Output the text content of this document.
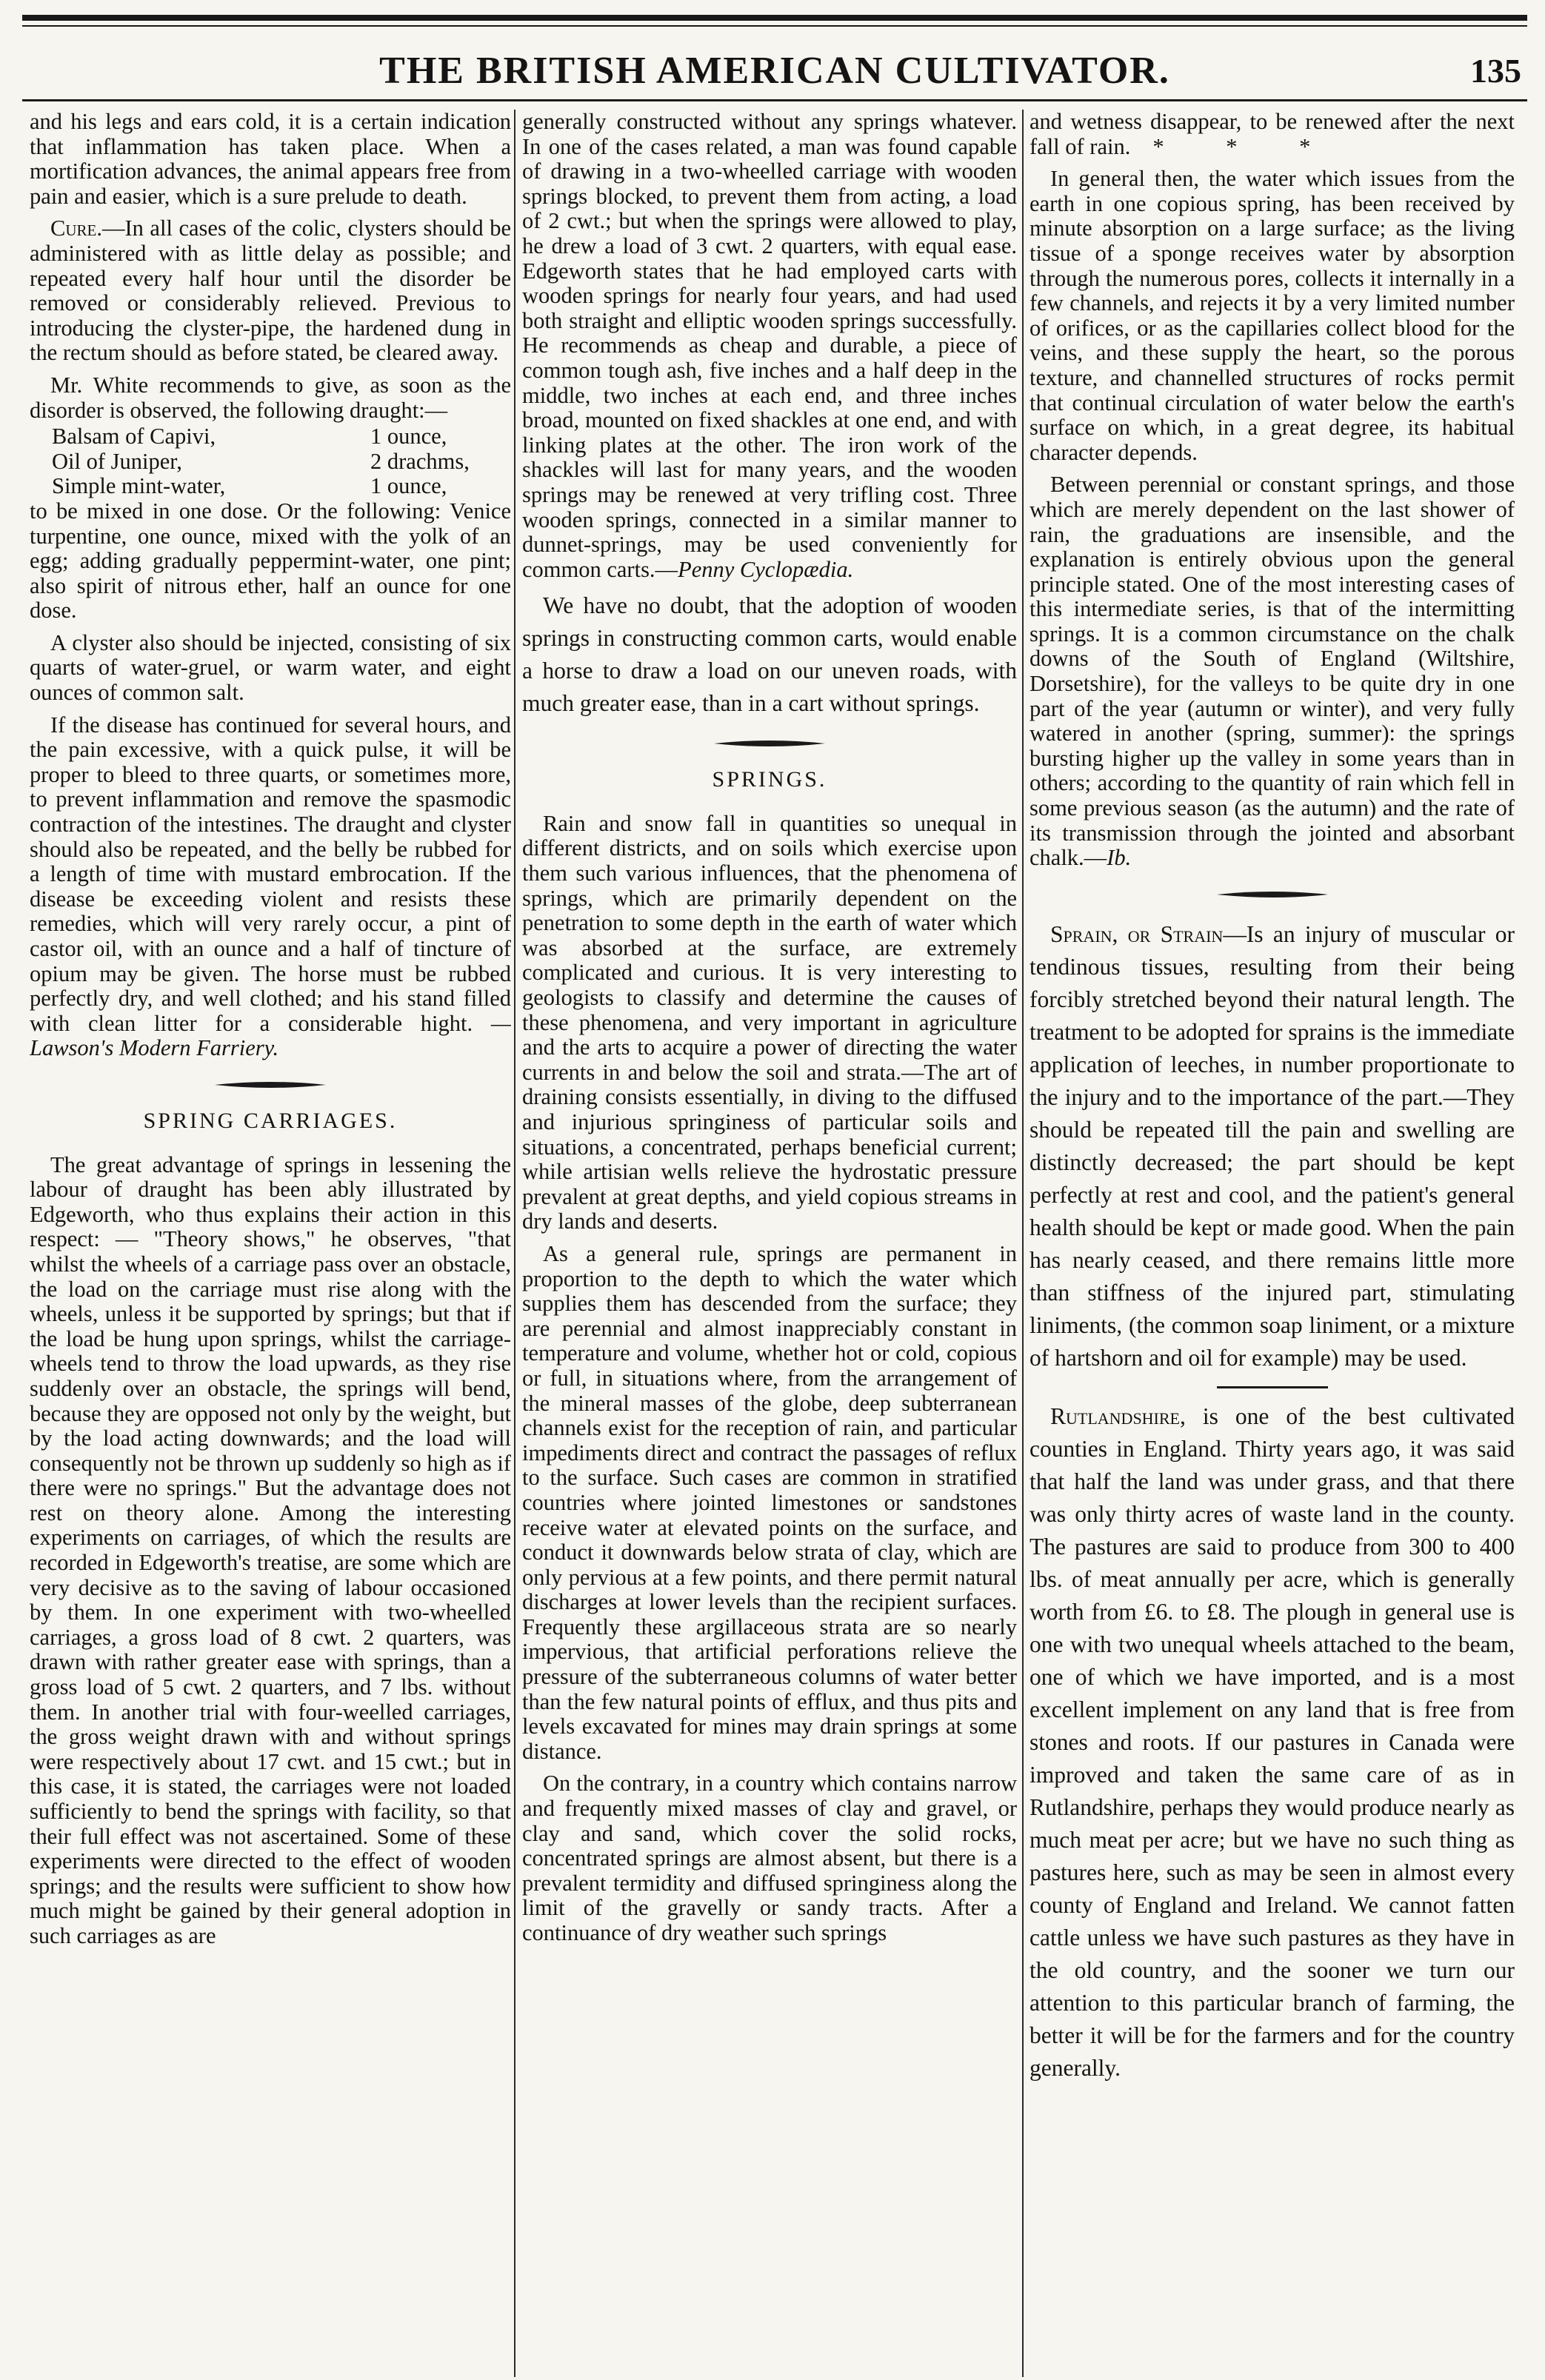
THE BRITISH AMERICAN CULTIVATOR.	135

and his legs and ears cold, it is a certain indication that inflammation has taken place. When a mortification advances, the animal appears free from pain and easier, which is a sure prelude to death.

Cure.—In all cases of the colic, clysters should be administered with as little delay as possible; and repeated every half hour until the disorder be removed or considerably relieved. Previous to introducing the clyster-pipe, the hardened dung in the rectum should as before stated, be cleared away.

Mr. White recommends to give, as soon as the disorder is observed, the following draught:—

Balsam of Capivi,	1 ounce,
Oil of Juniper,	2 drachms,
Simple mint-water,	1 ounce,

to be mixed in one dose. Or the following: Venice turpentine, one ounce, mixed with the yolk of an egg; adding gradually peppermint-water, one pint; also spirit of nitrous ether, half an ounce for one dose.

A clyster also should be injected, consisting of six quarts of water-gruel, or warm water, and eight ounces of common salt.

If the disease has continued for several hours, and the pain excessive, with a quick pulse, it will be proper to bleed to three quarts, or sometimes more, to prevent inflammation and remove the spasmodic contraction of the intestines. The draught and clyster should also be repeated, and the belly be rubbed for a length of time with mustard embrocation. If the disease be exceeding violent and resists these remedies, which will very rarely occur, a pint of castor oil, with an ounce and a half of tincture of opium may be given. The horse must be rubbed perfectly dry, and well clothed; and his stand filled with clean litter for a considerable hight. — Lawson's Modern Farriery.

SPRING CARRIAGES.

The great advantage of springs in lessening the labour of draught has been ably illustrated by Edgeworth, who thus explains their action in this respect: — "Theory shows," he observes, "that whilst the wheels of a carriage pass over an obstacle, the load on the carriage must rise along with the wheels, unless it be supported by springs; but that if the load be hung upon springs, whilst the carriage-wheels tend to throw the load upwards, as they rise suddenly over an obstacle, the springs will bend, because they are opposed not only by the weight, but by the load acting downwards; and the load will consequently not be thrown up suddenly so high as if there were no springs." But the advantage does not rest on theory alone. Among the interesting experiments on carriages, of which the results are recorded in Edgeworth's treatise, are some which are very decisive as to the saving of labour occasioned by them. In one experiment with two-wheelled carriages, a gross load of 8 cwt. 2 quarters, was drawn with rather greater ease with springs, than a gross load of 5 cwt. 2 quarters, and 7 lbs. without them. In another trial with four-weelled carriages, the gross weight drawn with and without springs were respectively about 17 cwt. and 15 cwt.; but in this case, it is stated, the carriages were not loaded sufficiently to bend the springs with facility, so that their full effect was not ascertained. Some of these experiments were directed to the effect of wooden springs; and the results were sufficient to show how much might be gained by their general adoption in such carriages as are

generally constructed without any springs whatever. In one of the cases related, a man was found capable of drawing in a two-wheelled carriage with wooden springs blocked, to prevent them from acting, a load of 2 cwt.; but when the springs were allowed to play, he drew a load of 3 cwt. 2 quarters, with equal ease. Edgeworth states that he had employed carts with wooden springs for nearly four years, and had used both straight and elliptic wooden springs successfully. He recommends as cheap and durable, a piece of common tough ash, five inches and a half deep in the middle, two inches at each end, and three inches broad, mounted on fixed shackles at one end, and with linking plates at the other. The iron work of the shackles will last for many years, and the wooden springs may be renewed at very trifling cost. Three wooden springs, connected in a similar manner to dunnet-springs, may be used conveniently for common carts.—Penny Cyclopædia.

We have no doubt, that the adoption of wooden springs in constructing common carts, would enable a horse to draw a load on our uneven roads, with much greater ease, than in a cart without springs.

SPRINGS.

Rain and snow fall in quantities so unequal in different districts, and on soils which exercise upon them such various influences, that the phenomena of springs, which are primarily dependent on the penetration to some depth in the earth of water which was absorbed at the surface, are extremely complicated and curious. It is very interesting to geologists to classify and determine the causes of these phenomena, and very important in agriculture and the arts to acquire a power of directing the water currents in and below the soil and strata.—The art of draining consists essentially, in diving to the diffused and injurious springiness of particular soils and situations, a concentrated, perhaps beneficial current; while artisian wells relieve the hydrostatic pressure prevalent at great depths, and yield copious streams in dry lands and deserts.

As a general rule, springs are permanent in proportion to the depth to which the water which supplies them has descended from the surface; they are perennial and almost inappreciably constant in temperature and volume, whether hot or cold, copious or full, in situations where, from the arrangement of the mineral masses of the globe, deep subterranean channels exist for the reception of rain, and particular impediments direct and contract the passages of reflux to the surface. Such cases are common in stratified countries where jointed limestones or sandstones receive water at elevated points on the surface, and conduct it downwards below strata of clay, which are only pervious at a few points, and there permit natural discharges at lower levels than the recipient surfaces. Frequently these argillaceous strata are so nearly impervious, that artificial perforations relieve the pressure of the subterraneous columns of water better than the few natural points of efflux, and thus pits and levels excavated for mines may drain springs at some distance.

On the contrary, in a country which contains narrow and frequently mixed masses of clay and gravel, or clay and sand, which cover the solid rocks, concentrated springs are almost absent, but there is a prevalent termidity and diffused springiness along the limit of the gravelly or sandy tracts. After a continuance of dry weather such springs

and wetness disappear, to be renewed after the next fall of rain. * * *

In general then, the water which issues from the earth in one copious spring, has been received by minute absorption on a large surface; as the living tissue of a sponge receives water by absorption through the numerous pores, collects it internally in a few channels, and rejects it by a very limited number of orifices, or as the capillaries collect blood for the veins, and these supply the heart, so the porous texture, and channelled structures of rocks permit that continual circulation of water below the earth's surface on which, in a great degree, its habitual character depends.

Between perennial or constant springs, and those which are merely dependent on the last shower of rain, the graduations are insensible, and the explanation is entirely obvious upon the general principle stated. One of the most interesting cases of this intermediate series, is that of the intermitting springs. It is a common circumstance on the chalk downs of the South of England (Wiltshire, Dorsetshire), for the valleys to be quite dry in one part of the year (autumn or winter), and very fully watered in another (spring, summer): the springs bursting higher up the valley in some years than in others; according to the quantity of rain which fell in some previous season (as the autumn) and the rate of its transmission through the jointed and absorbant chalk.—Ib.

Sprain, or Strain—Is an injury of muscular or tendinous tissues, resulting from their being forcibly stretched beyond their natural length. The treatment to be adopted for sprains is the immediate application of leeches, in number proportionate to the injury and to the importance of the part.—They should be repeated till the pain and swelling are distinctly decreased; the part should be kept perfectly at rest and cool, and the patient's general health should be kept or made good. When the pain has nearly ceased, and there remains little more than stiffness of the injured part, stimulating liniments, (the common soap liniment, or a mixture of hartshorn and oil for example) may be used.

Rutlandshire, is one of the best cultivated counties in England. Thirty years ago, it was said that half the land was under grass, and that there was only thirty acres of waste land in the county. The pastures are said to produce from 300 to 400 lbs. of meat annually per acre, which is generally worth from £6. to £8. The plough in general use is one with two unequal wheels attached to the beam, one of which we have imported, and is a most excellent implement on any land that is free from stones and roots. If our pastures in Canada were improved and taken the same care of as in Rutlandshire, perhaps they would produce nearly as much meat per acre; but we have no such thing as pastures here, such as may be seen in almost every county of England and Ireland. We cannot fatten cattle unless we have such pastures as they have in the old country, and the sooner we turn our attention to this particular branch of farming, the better it will be for the farmers and for the country generally.
